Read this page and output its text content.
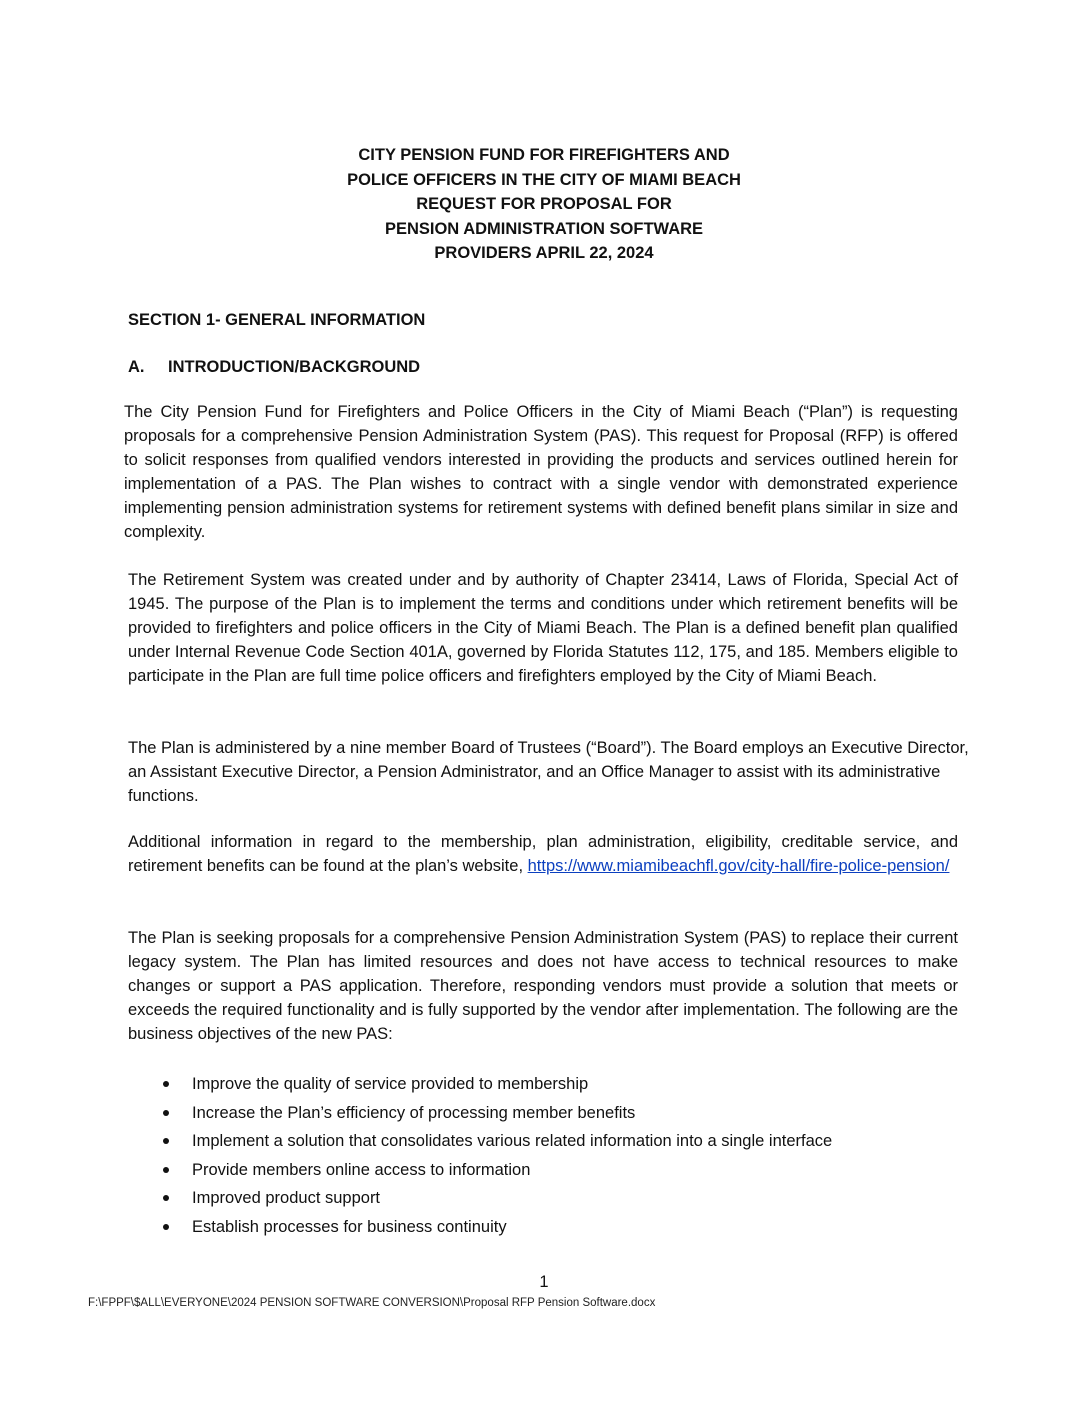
CITY PENSION FUND FOR FIREFIGHTERS AND
POLICE OFFICERS IN THE CITY OF MIAMI BEACH
REQUEST FOR PROPOSAL FOR
PENSION ADMINISTRATION SOFTWARE
PROVIDERS APRIL 22, 2024
SECTION 1- GENERAL INFORMATION
A. INTRODUCTION/BACKGROUND

The City Pension Fund for Firefighters and Police Officers in the City of Miami Beach (“Plan”) is requesting proposals for a comprehensive Pension Administration System (PAS). This request for Proposal (RFP) is offered to solicit responses from qualified vendors interested in providing the products and services outlined herein for implementation of a PAS. The Plan wishes to contract with a single vendor with demonstrated experience implementing pension administration systems for retirement systems with defined benefit plans similar in size and complexity.

The Retirement System was created under and by authority of Chapter 23414, Laws of Florida, Special Act of 1945. The purpose of the Plan is to implement the terms and conditions under which retirement benefits will be provided to firefighters and police officers in the City of Miami Beach. The Plan is a defined benefit plan qualified under Internal Revenue Code Section 401A, governed by Florida Statutes 112, 175, and 185. Members eligible to participate in the Plan are full time police officers and firefighters employed by the City of Miami Beach.

The Plan is administered by a nine member Board of Trustees (“Board”). The Board employs an Executive Director, an Assistant Executive Director, a Pension Administrator, and an Office Manager to assist with its administrative functions.

Additional information in regard to the membership, plan administration, eligibility, creditable service, and retirement benefits can be found at the plan’s website, https://www.miamibeachfl.gov/city-hall/fire-police-pension/

The Plan is seeking proposals for a comprehensive Pension Administration System (PAS) to replace their current legacy system. The Plan has limited resources and does not have access to technical resources to make changes or support a PAS application. Therefore, responding vendors must provide a solution that meets or exceeds the required functionality and is fully supported by the vendor after implementation. The following are the business objectives of the new PAS:

Improve the quality of service provided to membership
Increase the Plan’s efficiency of processing member benefits
Implement a solution that consolidates various related information into a single interface
Provide members online access to information
Improved product support
Establish processes for business continuity
1
F:\FPPF\$ALL\EVERYONE\2024 PENSION SOFTWARE CONVERSION\Proposal RFP Pension Software.docx
